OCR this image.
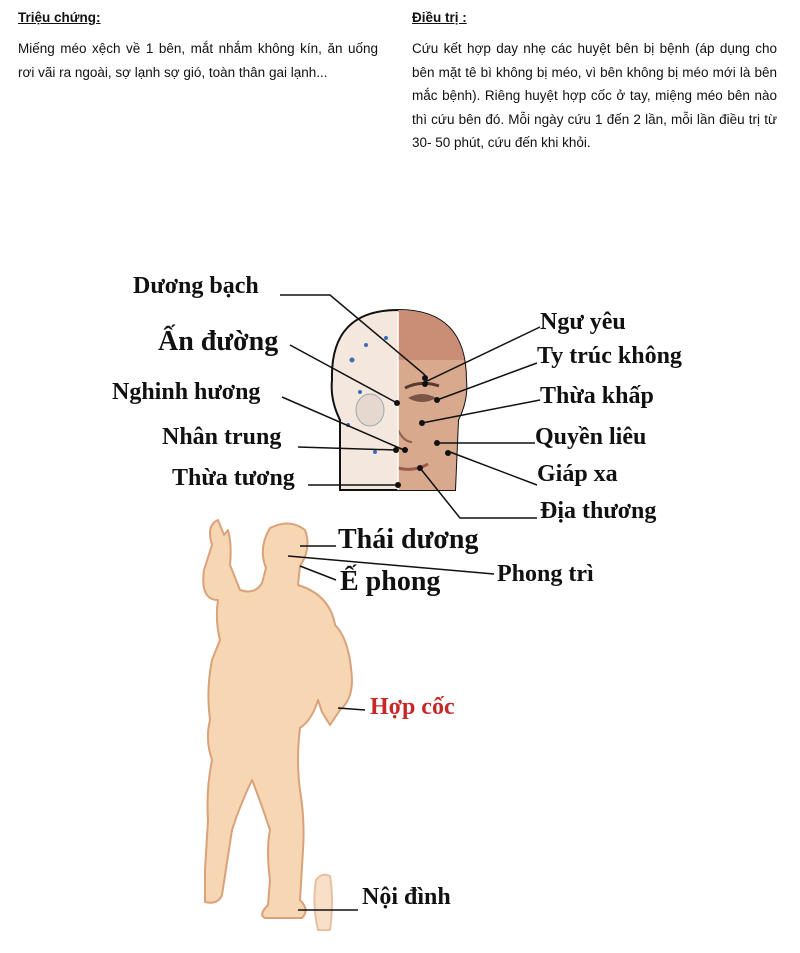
Triệu chứng:

Miếng méo xệch về 1 bên, mắt nhắm không kín, ăn uống rơi vãi ra ngoài, sợ lạnh sợ gió, toàn thân gai lạnh...

Điều trị :

Cứu kết hợp day nhẹ các huyệt bên bị bệnh (áp dụng cho bên mặt tê bì không bị méo, vì bên không bị méo mới là bên mắc bệnh). Riêng huyệt hợp cốc ở tay, miệng méo bên nào thì cứu bên đó. Mỗi ngày cứu 1 đến 2 lần, mỗi lần điều trị từ 30- 50 phút, cứu đến khi khỏi.

Dương bạch
Ấn đường
Nghinh hương
Nhân trung
Thừa tương
Ngư yêu
Ty trúc không
Thừa khấp
Quyền liêu
Giáp xa
Địa thương
Thái dương
Phong trì
Ế phong
Hợp cốc
Nội đình
